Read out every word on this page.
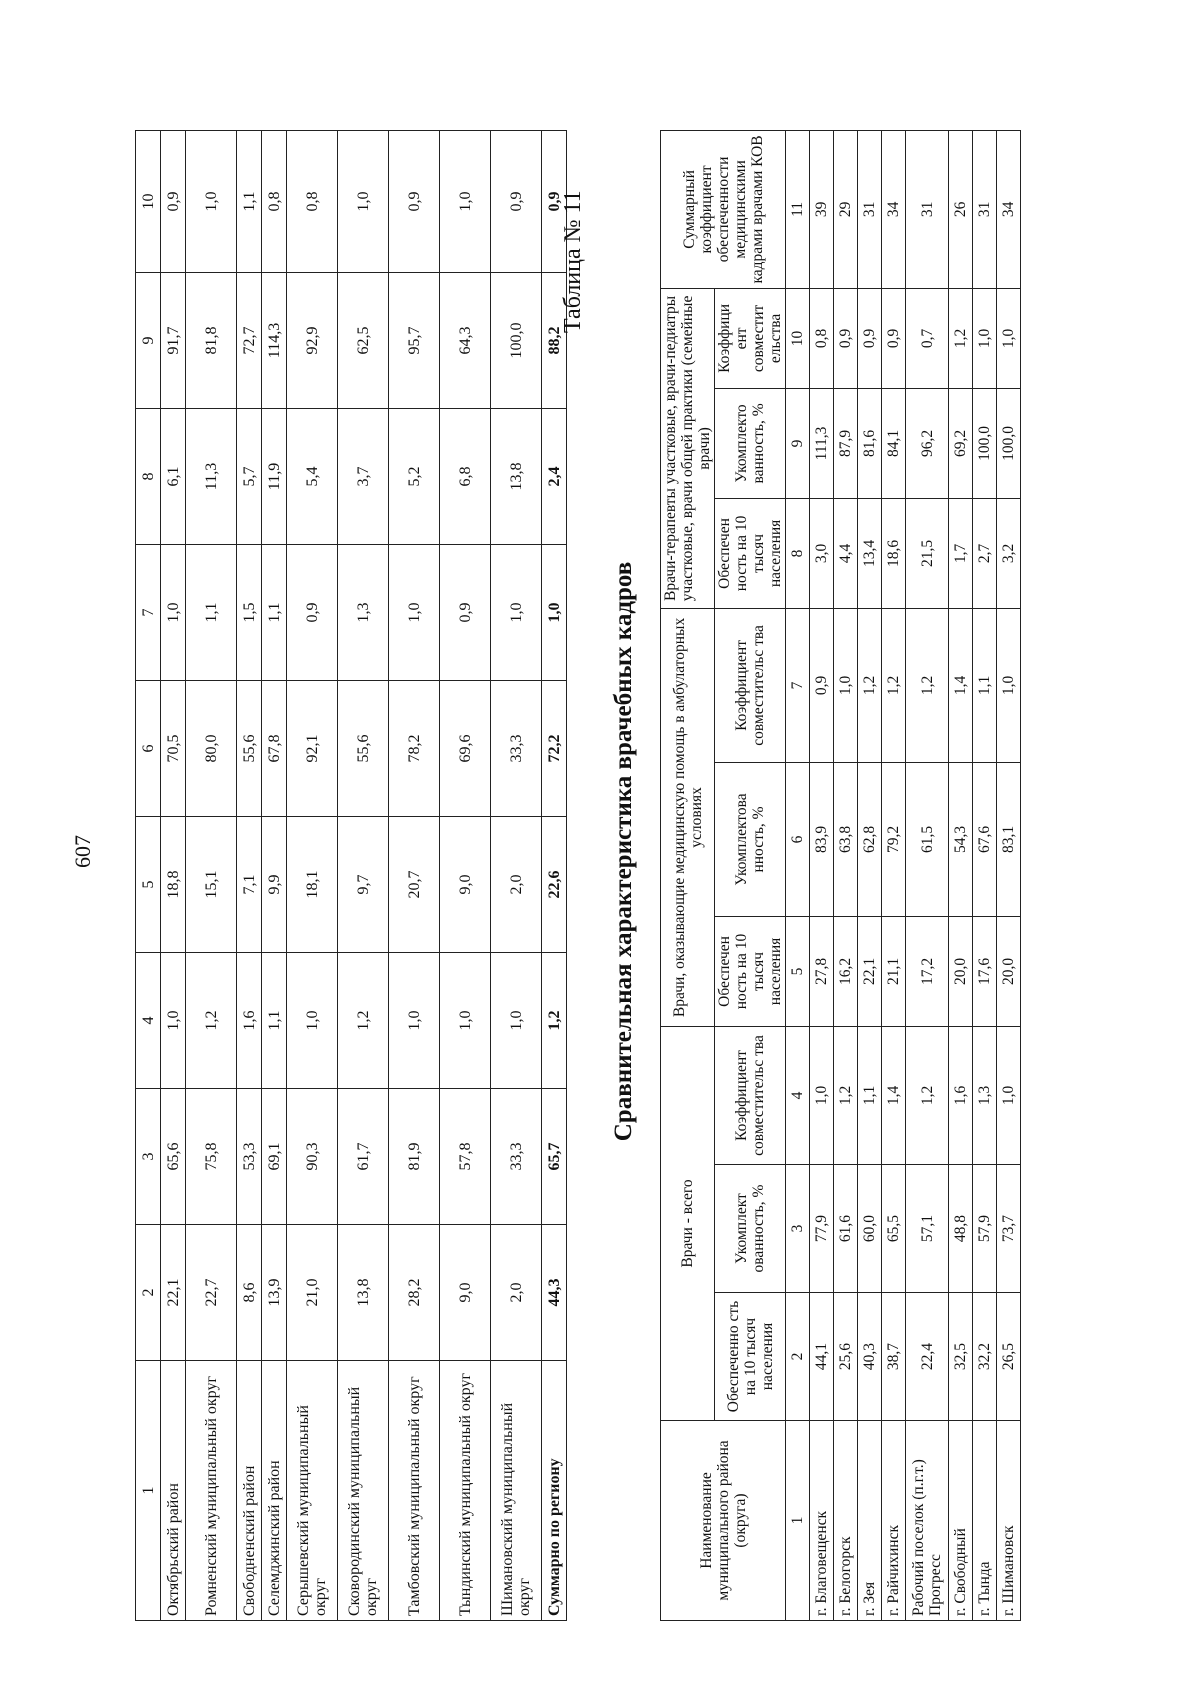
607
1	2	3	4	5	6	7	8	9	10
Октябрьский район	22,1	65,6	1,0	18,8	70,5	1,0	6,1	91,7	0,9
Ромненский муниципальный округ	22,7	75,8	1,2	15,1	80,0	1,1	11,3	81,8	1,0
Свободненский район	8,6	53,3	1,6	7,1	55,6	1,5	5,7	72,7	1,1
Селемджинский район	13,9	69,1	1,1	9,9	67,8	1,1	11,9	114,3	0,8
Серышевский муниципальный округ	21,0	90,3	1,0	18,1	92,1	0,9	5,4	92,9	0,8
Сковородинский муниципальный округ	13,8	61,7	1,2	9,7	55,6	1,3	3,7	62,5	1,0
Тамбовский муниципальный округ	28,2	81,9	1,0	20,7	78,2	1,0	5,2	95,7	0,9
Тындинский муниципальный округ	9,0	57,8	1,0	9,0	69,6	0,9	6,8	64,3	1,0
Шимановский муниципальный округ	2,0	33,3	1,0	2,0	33,3	1,0	13,8	100,0	0,9
Суммарно по региону	44,3	65,7	1,2	22,6	72,2	1,0	2,4	88,2	0,9
Таблица № 11
Сравнительная характеристика врачебных кадров
Наименование муниципального района (округа)	Врачи - всего			Врачи, оказывающие медицинскую помощь в амбулаторных условиях			Врачи-терапевты участковые, врачи-педиатры участковые, врачи общей практики (семейные врачи)			Суммарный коэффициент обеспеченности медицинскими кадрами врачами КОВ
	Обеспеченно сть на 10 тысяч населения	Укомплект ованность, %	Коэффициент совместительс тва	Обеспечен ность на 10 тысяч населения	Укомплектова нность, %	Коэффициент совместительс тва	Обеспечен ность на 10 тысяч населения	Укомплекто ванность, %	Коэффици ент совместит ельства	
1	2	3	4	5	6	7	8	9	10	11
г. Благовещенск	44,1	77,9	1,0	27,8	83,9	0,9	3,0	111,3	0,8	39
г. Белогорск	25,6	61,6	1,2	16,2	63,8	1,0	4,4	87,9	0,9	29
г. Зея	40,3	60,0	1,1	22,1	62,8	1,2	13,4	81,6	0,9	31
г. Райчихинск	38,7	65,5	1,4	21,1	79,2	1,2	18,6	84,1	0,9	34
Рабочий поселок (п.г.т.) Прогресс	22,4	57,1	1,2	17,2	61,5	1,2	21,5	96,2	0,7	31
г. Свободный	32,5	48,8	1,6	20,0	54,3	1,4	1,7	69,2	1,2	26
г. Тында	32,2	57,9	1,3	17,6	67,6	1,1	2,7	100,0	1,0	31
г. Шимановск	26,5	73,7	1,0	20,0	83,1	1,0	3,2	100,0	1,0	34
